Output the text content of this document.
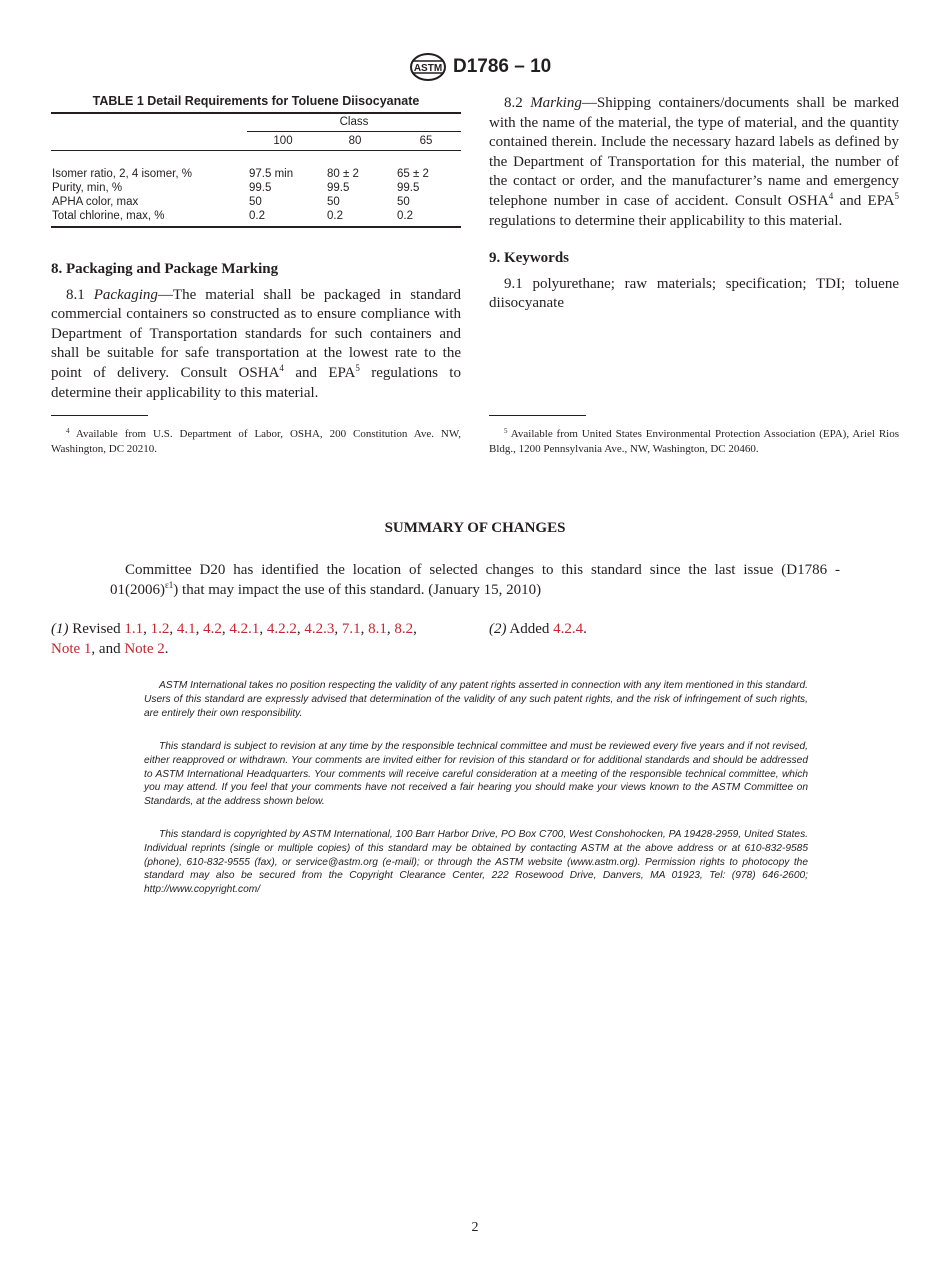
ASTM D1786 – 10
TABLE 1 Detail Requirements for Toluene Diisocyanate
Class
100	80	65
Isomer ratio, 2, 4 isomer, %	97.5 min	80 ± 2	65 ± 2
Purity, min, %	99.5	99.5	99.5
APHA color, max	50	50	50
Total chlorine, max, %	0.2	0.2	0.2

8. Packaging and Package Marking

8.1 Packaging—The material shall be packaged in standard commercial containers so constructed as to ensure compliance with Department of Transportation standards for such containers and shall be suitable for safe transportation at the lowest rate to the point of delivery. Consult OSHA$^4$ and EPA$^5$ regulations to determine their applicability to this material.

8.2 Marking—Shipping containers/documents shall be marked with the name of the material, the type of material, and the quantity contained therein. Include the necessary hazard labels as defined by the Department of Transportation for this material, the number of the contact or order, and the manufacturer’s name and emergency telephone number in case of accident. Consult OSHA$^4$ and EPA$^5$ regulations to determine their applicability to this material.

9. Keywords

9.1 polyurethane; raw materials; specification; TDI; toluene diisocyanate

$^4$ Available from U.S. Department of Labor, OSHA, 200 Constitution Ave. NW, Washington, DC 20210.
$^5$ Available from United States Environmental Protection Association (EPA), Ariel Rios Bldg., 1200 Pennsylvania Ave., NW, Washington, DC 20460.
SUMMARY OF CHANGES
Committee D20 has identified the location of selected changes to this standard since the last issue $(D1786 - 01(2006)^{\varepsilon 1})$ that may impact the use of this standard. (January 15, 2010)
(1) Revised 1.1, 1.2, 4.1, 4.2, 4.2.1, 4.2.2, 4.2.3, 7.1, 8.1, 8.2,
Note 1, and Note 2.
(2) Added 4.2.4.
ASTM International takes no position respecting the validity of any patent rights asserted in connection with any item mentioned in this standard. Users of this standard are expressly advised that determination of the validity of any such patent rights, and the risk of infringement of such rights, are entirely their own responsibility.
This standard is subject to revision at any time by the responsible technical committee and must be reviewed every five years and if not revised, either reapproved or withdrawn. Your comments are invited either for revision of this standard or for additional standards and should be addressed to ASTM International Headquarters. Your comments will receive careful consideration at a meeting of the responsible technical committee, which you may attend. If you feel that your comments have not received a fair hearing you should make your views known to the ASTM Committee on Standards, at the address shown below.
This standard is copyrighted by ASTM International, 100 Barr Harbor Drive, PO Box C700, West Conshohocken, PA 19428-2959, United States. Individual reprints (single or multiple copies) of this standard may be obtained by contacting ASTM at the above address or at 610-832-9585 (phone), 610-832-9555 (fax), or service@astm.org (e-mail); or through the ASTM website (www.astm.org). Permission rights to photocopy the standard may also be secured from the Copyright Clearance Center, 222 Rosewood Drive, Danvers, MA 01923, Tel: (978) 646-2600; http://www.copyright.com/
2
